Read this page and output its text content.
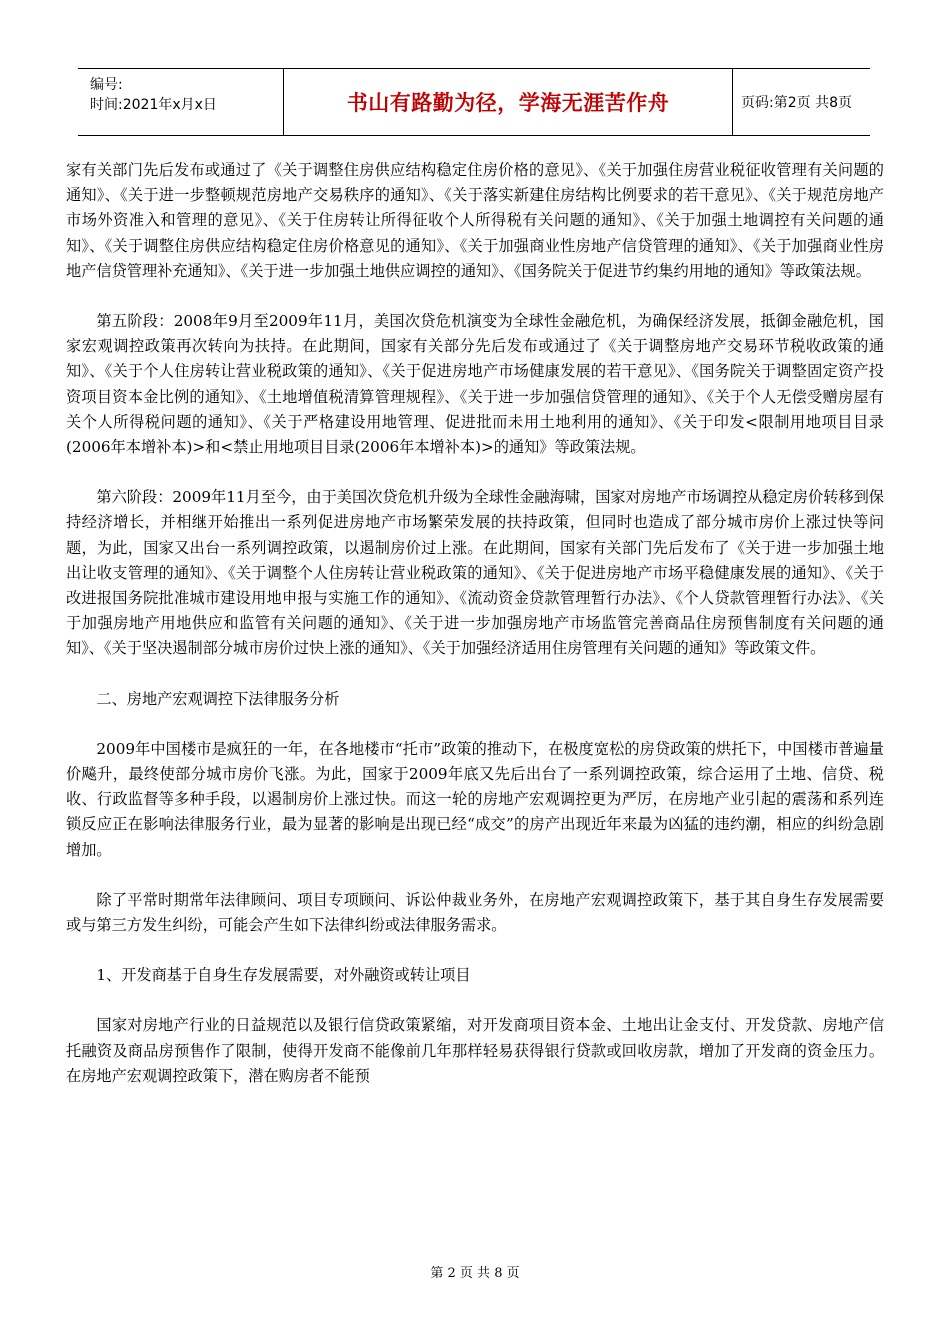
编号:
时间:2021年x月x日	书山有路勤为径，学海无涯苦作舟	页码:第2页 共8页

家有关部门先后发布或通过了《关于调整住房供应结构稳定住房价格的意见》、《关于加强住房营业税征收管理有关问题的通知》、《关于进一步整顿规范房地产交易秩序的通知》、《关于落实新建住房结构比例要求的若干意见》、《关于规范房地产市场外资准入和管理的意见》、《关于住房转让所得征收个人所得税有关问题的通知》、《关于加强土地调控有关问题的通知》、《关于调整住房供应结构稳定住房价格意见的通知》、《关于加强商业性房地产信贷管理的通知》、《关于加强商业性房地产信贷管理补充通知》、《关于进一步加强土地供应调控的通知》、《国务院关于促进节约集约用地的通知》等政策法规。

第五阶段：2008年9月至2009年11月，美国次贷危机演变为全球性金融危机，为确保经济发展，抵御金融危机，国家宏观调控政策再次转向为扶持。在此期间，国家有关部分先后发布或通过了《关于调整房地产交易环节税收政策的通知》、《关于个人住房转让营业税政策的通知》、《关于促进房地产市场健康发展的若干意见》、《国务院关于调整固定资产投资项目资本金比例的通知》、《土地增值税清算管理规程》、《关于进一步加强信贷管理的通知》、《关于个人无偿受赠房屋有关个人所得税问题的通知》、《关于严格建设用地管理、促进批而未用土地利用的通知》、《关于印发<限制用地项目目录(2006年本增补本)>和<禁止用地项目目录(2006年本增补本)>的通知》等政策法规。

第六阶段：2009年11月至今，由于美国次贷危机升级为全球性金融海啸，国家对房地产市场调控从稳定房价转移到保持经济增长，并相继开始推出一系列促进房地产市场繁荣发展的扶持政策，但同时也造成了部分城市房价上涨过快等问题，为此，国家又出台一系列调控政策，以遏制房价过上涨。在此期间，国家有关部门先后发布了《关于进一步加强土地出让收支管理的通知》、《关于调整个人住房转让营业税政策的通知》、《关于促进房地产市场平稳健康发展的通知》、《关于改进报国务院批准城市建设用地申报与实施工作的通知》、《流动资金贷款管理暂行办法》、《个人贷款管理暂行办法》、《关于加强房地产用地供应和监管有关问题的通知》、《关于进一步加强房地产市场监管完善商品住房预售制度有关问题的通知》、《关于坚决遏制部分城市房价过快上涨的通知》、《关于加强经济适用住房管理有关问题的通知》等政策文件。

二、房地产宏观调控下法律服务分析

2009年中国楼市是疯狂的一年，在各地楼市“托市”政策的推动下，在极度宽松的房贷政策的烘托下，中国楼市普遍量价飚升，最终使部分城市房价飞涨。为此，国家于2009年底又先后出台了一系列调控政策，综合运用了土地、信贷、税收、行政监督等多种手段，以遏制房价上涨过快。而这一轮的房地产宏观调控更为严厉，在房地产业引起的震荡和系列连锁反应正在影响法律服务行业，最为显著的影响是出现已经“成交”的房产出现近年来最为凶猛的违约潮，相应的纠纷急剧增加。

除了平常时期常年法律顾问、项目专项顾问、诉讼仲裁业务外，在房地产宏观调控政策下，基于其自身生存发展需要或与第三方发生纠纷，可能会产生如下法律纠纷或法律服务需求。

1、开发商基于自身生存发展需要，对外融资或转让项目

国家对房地产行业的日益规范以及银行信贷政策紧缩，对开发商项目资本金、土地出让金支付、开发贷款、房地产信托融资及商品房预售作了限制，使得开发商不能像前几年那样轻易获得银行贷款或回收房款，增加了开发商的资金压力。在房地产宏观调控政策下，潜在购房者不能预

第 2 页 共 8 页
